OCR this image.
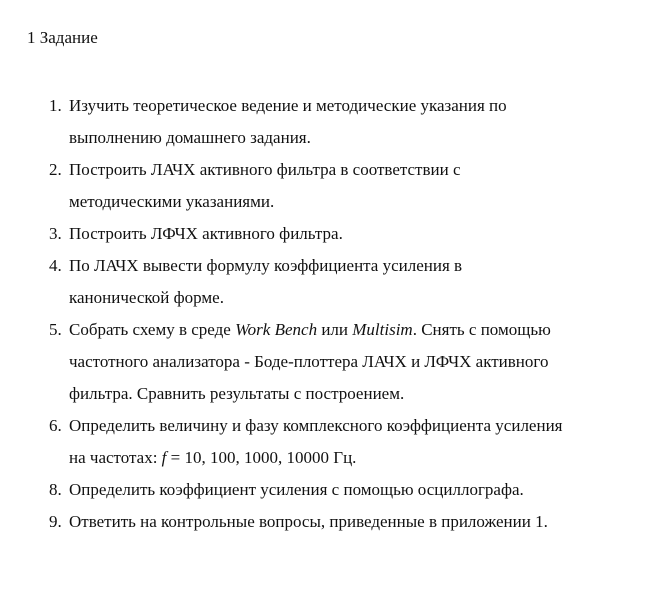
1 Задание
1. Изучить теоретическое ведение и методические указания по
выполнению домашнего задания.
2. Построить ЛАЧХ активного фильтра в соответствии с
методическими указаниями.
3. Построить ЛФЧХ активного фильтра.
4. По ЛАЧХ вывести формулу коэффициента усиления в
канонической форме.
5. Собрать схему в среде Work Bench или Multisim. Снять с помощью
частотного анализатора - Боде-плоттера ЛАЧХ и ЛФЧХ активного
фильтра. Сравнить результаты с построением.
6. Определить величину и фазу комплексного коэффициента усиления
на частотах: f = 10, 100, 1000, 10000 Гц.
8. Определить коэффициент усиления с помощью осциллографа.
9. Ответить на контрольные вопросы, приведенные в приложении 1.
